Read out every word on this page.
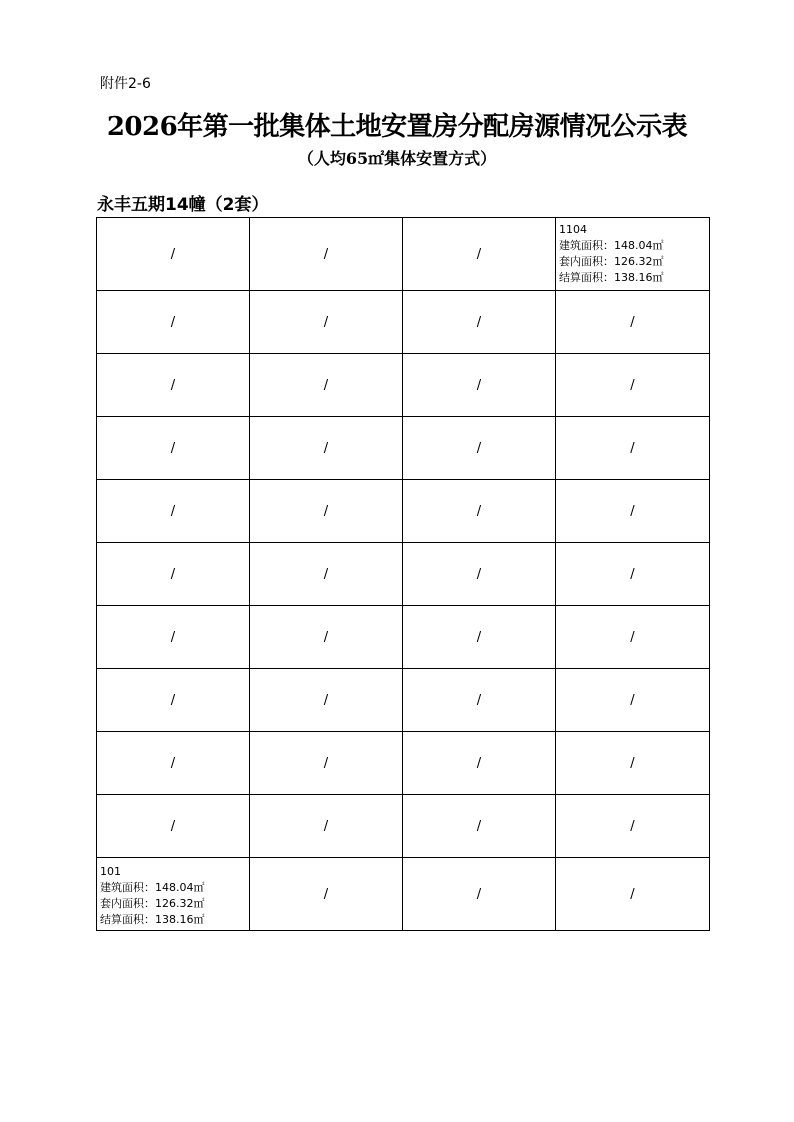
附件2-6
2026年第一批集体土地安置房分配房源情况公示表
（人均65㎡集体安置方式）
永丰五期14幢（2套）
/	/	/	1104
建筑面积：148.04㎡
套内面积：126.32㎡
结算面积：138.16㎡

/	/	/	/
/	/	/	/
/	/	/	/
/	/	/	/
/	/	/	/
/	/	/	/
/	/	/	/
/	/	/	/
/	/	/	/

101
建筑面积：148.04㎡
套内面积：126.32㎡
结算面积：138.16㎡	/	/	/
